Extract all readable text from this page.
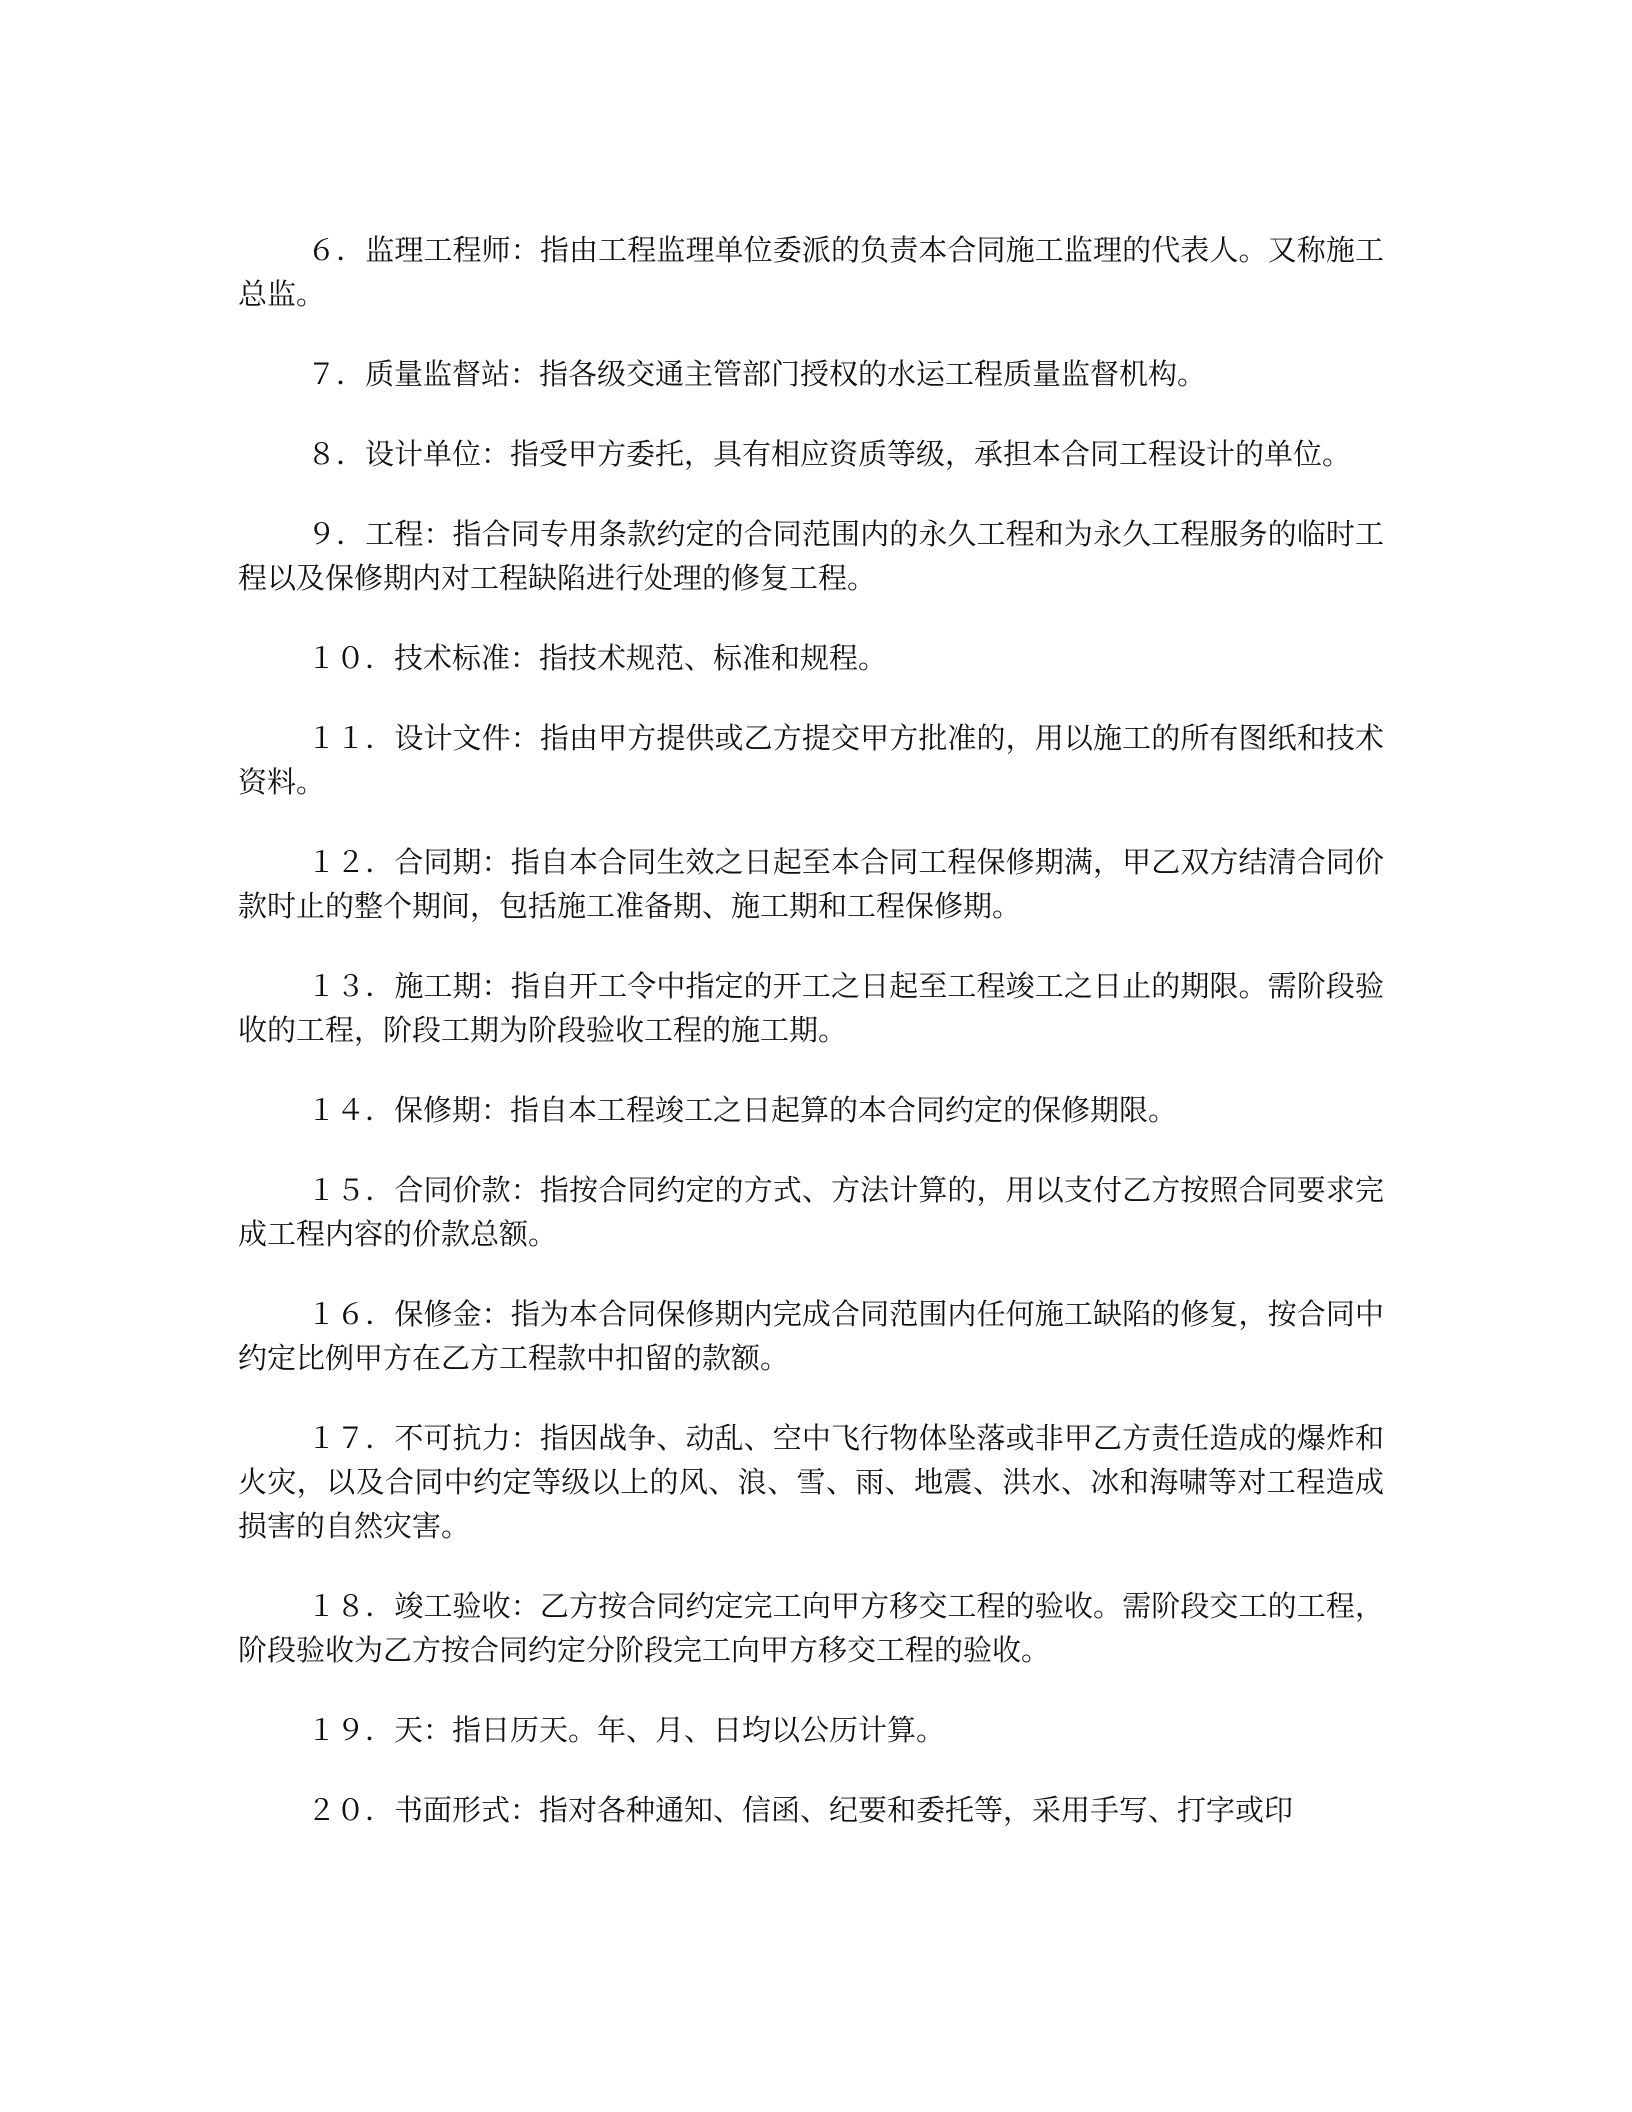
６．监理工程师：指由工程监理单位委派的负责本合同施工监理的代表人。又称施工总监。

７．质量监督站：指各级交通主管部门授权的水运工程质量监督机构。

８．设计单位：指受甲方委托，具有相应资质等级，承担本合同工程设计的单位。

９．工程：指合同专用条款约定的合同范围内的永久工程和为永久工程服务的临时工程以及保修期内对工程缺陷进行处理的修复工程。

１０．技术标准：指技术规范、标准和规程。

１１．设计文件：指由甲方提供或乙方提交甲方批准的，用以施工的所有图纸和技术资料。

１２．合同期：指自本合同生效之日起至本合同工程保修期满，甲乙双方结清合同价款时止的整个期间，包括施工准备期、施工期和工程保修期。

１３．施工期：指自开工令中指定的开工之日起至工程竣工之日止的期限。需阶段验收的工程，阶段工期为阶段验收工程的施工期。

１４．保修期：指自本工程竣工之日起算的本合同约定的保修期限。

１５．合同价款：指按合同约定的方式、方法计算的，用以支付乙方按照合同要求完成工程内容的价款总额。

１６．保修金：指为本合同保修期内完成合同范围内任何施工缺陷的修复，按合同中约定比例甲方在乙方工程款中扣留的款额。

１７．不可抗力：指因战争、动乱、空中飞行物体坠落或非甲乙方责任造成的爆炸和火灾，以及合同中约定等级以上的风、浪、雪、雨、地震、洪水、冰和海啸等对工程造成损害的自然灾害。

１８．竣工验收：乙方按合同约定完工向甲方移交工程的验收。需阶段交工的工程，阶段验收为乙方按合同约定分阶段完工向甲方移交工程的验收。

１９．天：指日历天。年、月、日均以公历计算。

２０．书面形式：指对各种通知、信函、纪要和委托等，采用手写、打字或印
